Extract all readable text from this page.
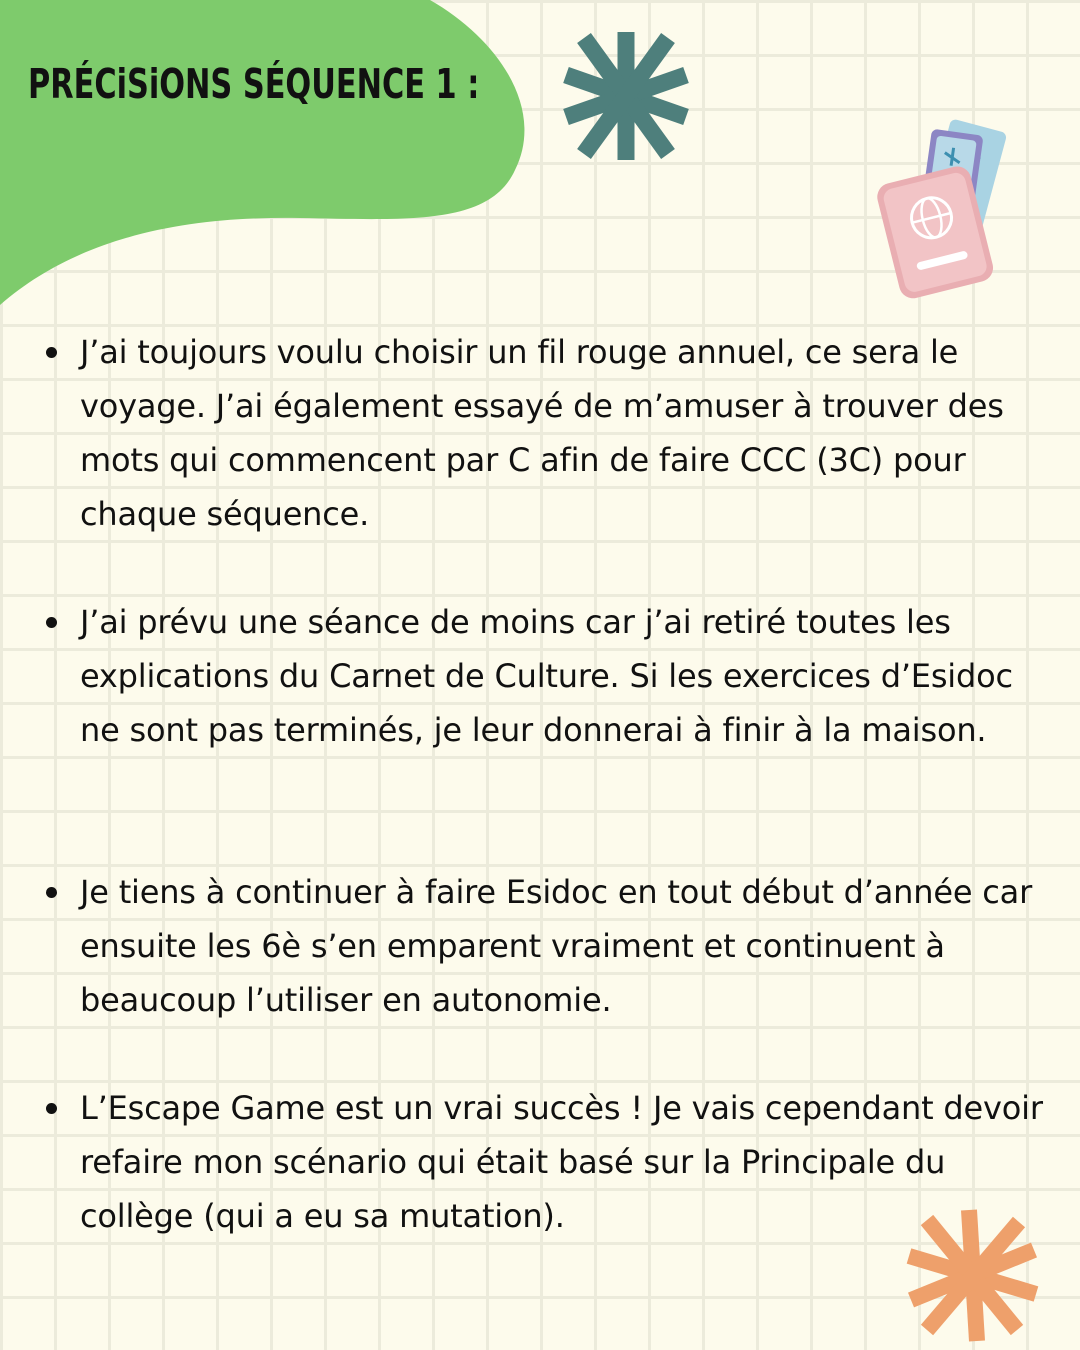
PRÉCiSiONS SÉQUENCE 1 :

J’ai toujours voulu choisir un fil rouge annuel, ce sera le voyage. J’ai également essayé de m’amuser à trouver des mots qui commencent par C afin de faire CCC (3C) pour chaque séquence.

J’ai prévu une séance de moins car j’ai retiré toutes les explications du Carnet de Culture. Si les exercices d’Esidoc ne sont pas terminés, je leur donnerai à finir à la maison.

Je tiens à continuer à faire Esidoc en tout début d’année car ensuite les 6è s’en emparent vraiment et continuent à beaucoup l’utiliser en autonomie.

L’Escape Game est un vrai succès ! Je vais cependant devoir refaire mon scénario qui était basé sur la Principale du collège (qui a eu sa mutation).
